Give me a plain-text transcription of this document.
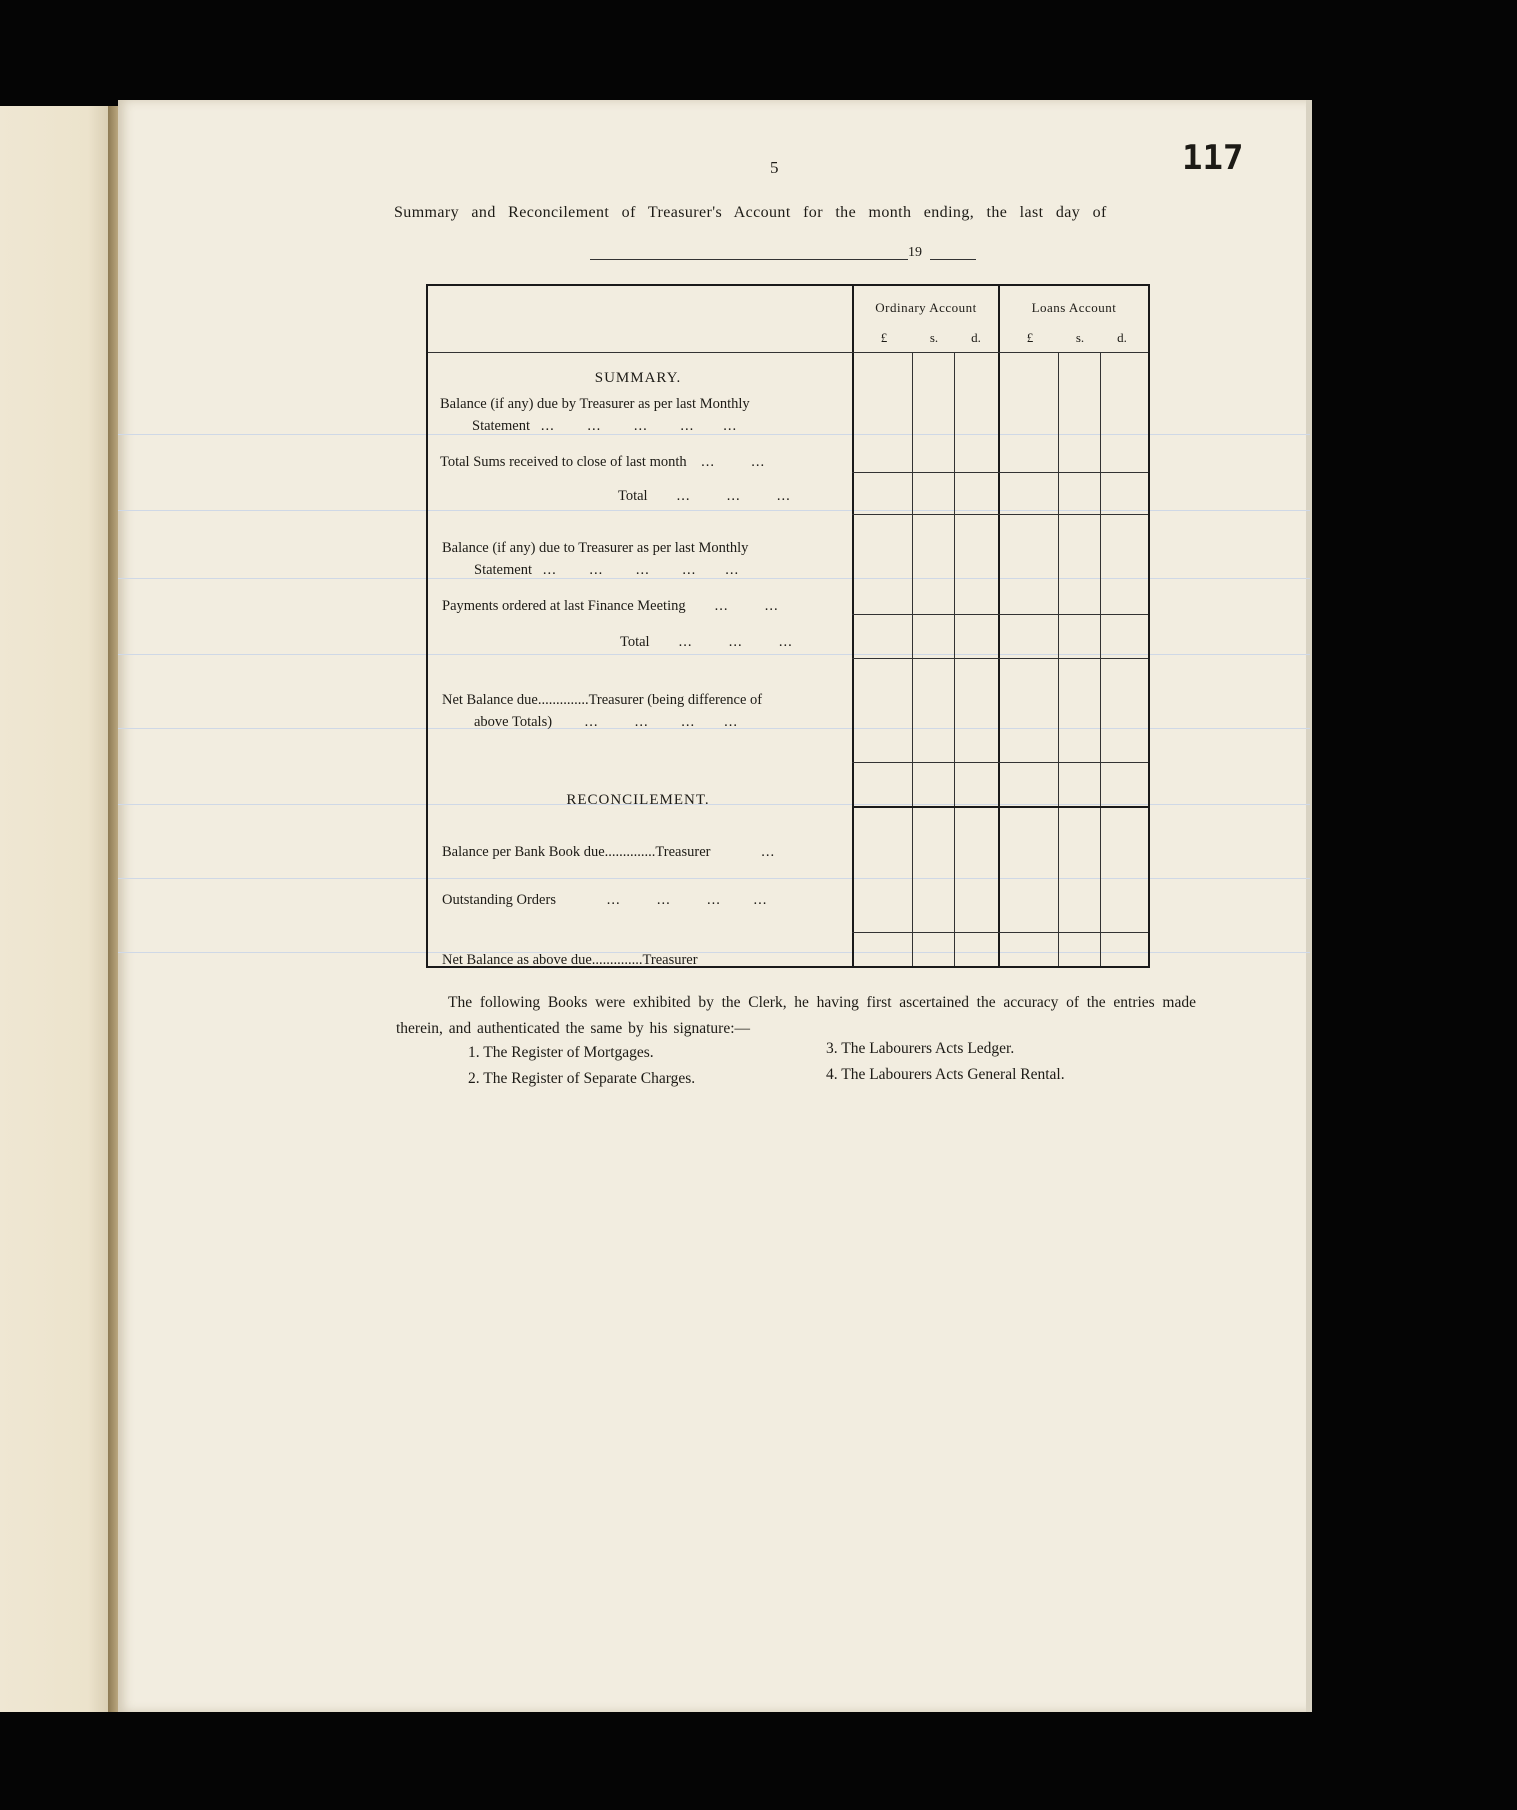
5	117
Summary and Reconcilement of Treasurer's Account for the month ending, the last day of
19
Ordinary Account	Loans Account
£	s.	d.	£	s.	d.
SUMMARY.
Balance (if any) due by Treasurer as per last Monthly
Statement ... ... ... ... ...
Total Sums received to close of last month ...	...
Total ...	...	...
Balance (if any) due to Treasurer as per last Monthly
Statement ... ... ... ... ...
Payments ordered at last Finance Meeting ...	...
Total ...	...	...
Net Balance due..............Treasurer (being difference of
above Totals) ...	... ... ...
RECONCILEMENT.
Balance per Bank Book due..............Treasurer	...
Outstanding Orders	...	...	... ...
Net Balance as above due..............Treasurer
The following Books were exhibited by the Clerk, he having first ascertained the accuracy of the entries made therein, and authenticated the same by his signature:—
1. The Register of Mortgages.
2. The Register of Separate Charges.
3. The Labourers Acts Ledger.
4. The Labourers Acts General Rental.
